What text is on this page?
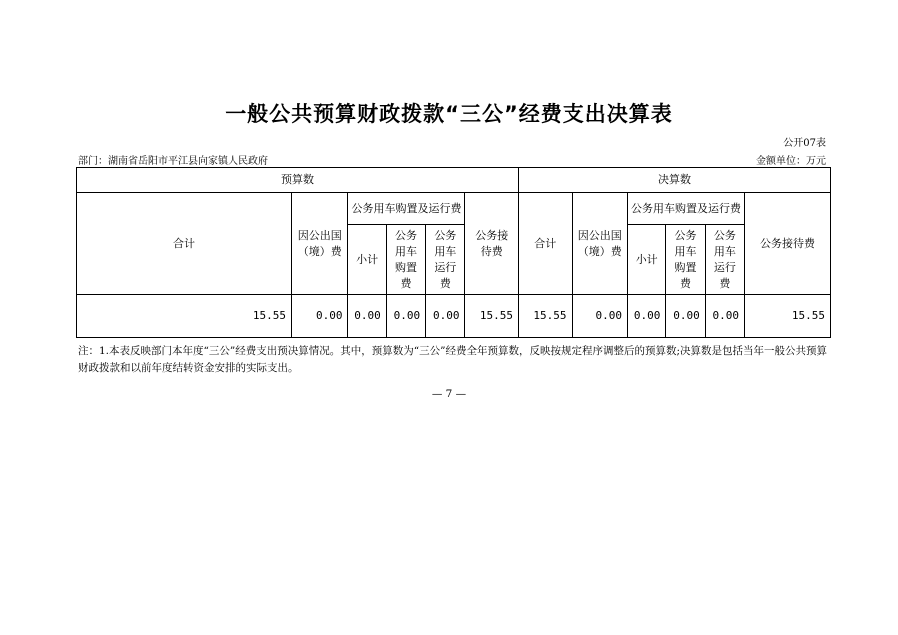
一般公共预算财政拨款“三公”经费支出决算表
公开07表
部门：湖南省岳阳市平江县向家镇人民政府	金额单位：万元
预算数						决算数					
合计	因公出国（境）费	公务用车购置及运行费			公务接待费	合计	因公出国（境）费	公务用车购置及运行费			公务接待费
		小计	公务用车购置费	公务用车运行费				小计	公务用车购置费	公务用车运行费	
15.55	0.00	0.00	0.00	0.00	15.55	15.55	0.00	0.00	0.00	0.00	15.55
注：1.本表反映部门本年度“三公”经费支出预决算情况。其中，预算数为“三公”经费全年预算数，反映按规定程序调整后的预算数;决算数是包括当年一般公共预算财政拨款和以前年度结转资金安排的实际支出。
— 7 —
